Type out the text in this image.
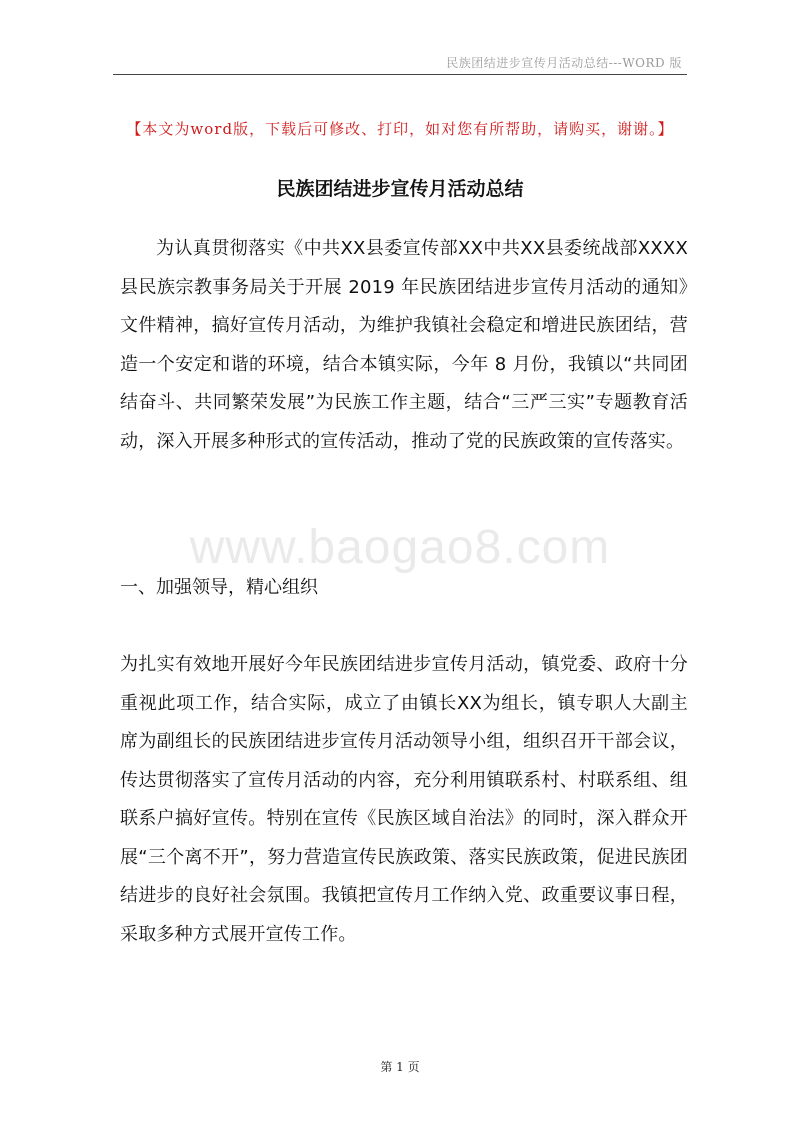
民族团结进步宣传月活动总结---WORD 版
【本文为word版，下载后可修改、打印，如对您有所帮助，请购买，谢谢。】
民族团结进步宣传月活动总结
为认真贯彻落实《中共XX县委宣传部XX中共XX县委统战部XXXX县民族宗教事务局关于开展 2019 年民族团结进步宣传月活动的通知》文件精神，搞好宣传月活动，为维护我镇社会稳定和增进民族团结，营造一个安定和谐的环境，结合本镇实际，今年 8 月份，我镇以“共同团结奋斗、共同繁荣发展”为民族工作主题，结合“三严三实”专题教育活动，深入开展多种形式的宣传活动，推动了党的民族政策的宣传落实。
www.baogao8.com
一、加强领导，精心组织
为扎实有效地开展好今年民族团结进步宣传月活动，镇党委、政府十分重视此项工作，结合实际，成立了由镇长XX为组长，镇专职人大副主席为副组长的民族团结进步宣传月活动领导小组，组织召开干部会议，传达贯彻落实了宣传月活动的内容，充分利用镇联系村、村联系组、组联系户搞好宣传。特别在宣传《民族区域自治法》的同时，深入群众开展“三个离不开”，努力营造宣传民族政策、落实民族政策，促进民族团结进步的良好社会氛围。我镇把宣传月工作纳入党、政重要议事日程，采取多种方式展开宣传工作。
第 1 页
